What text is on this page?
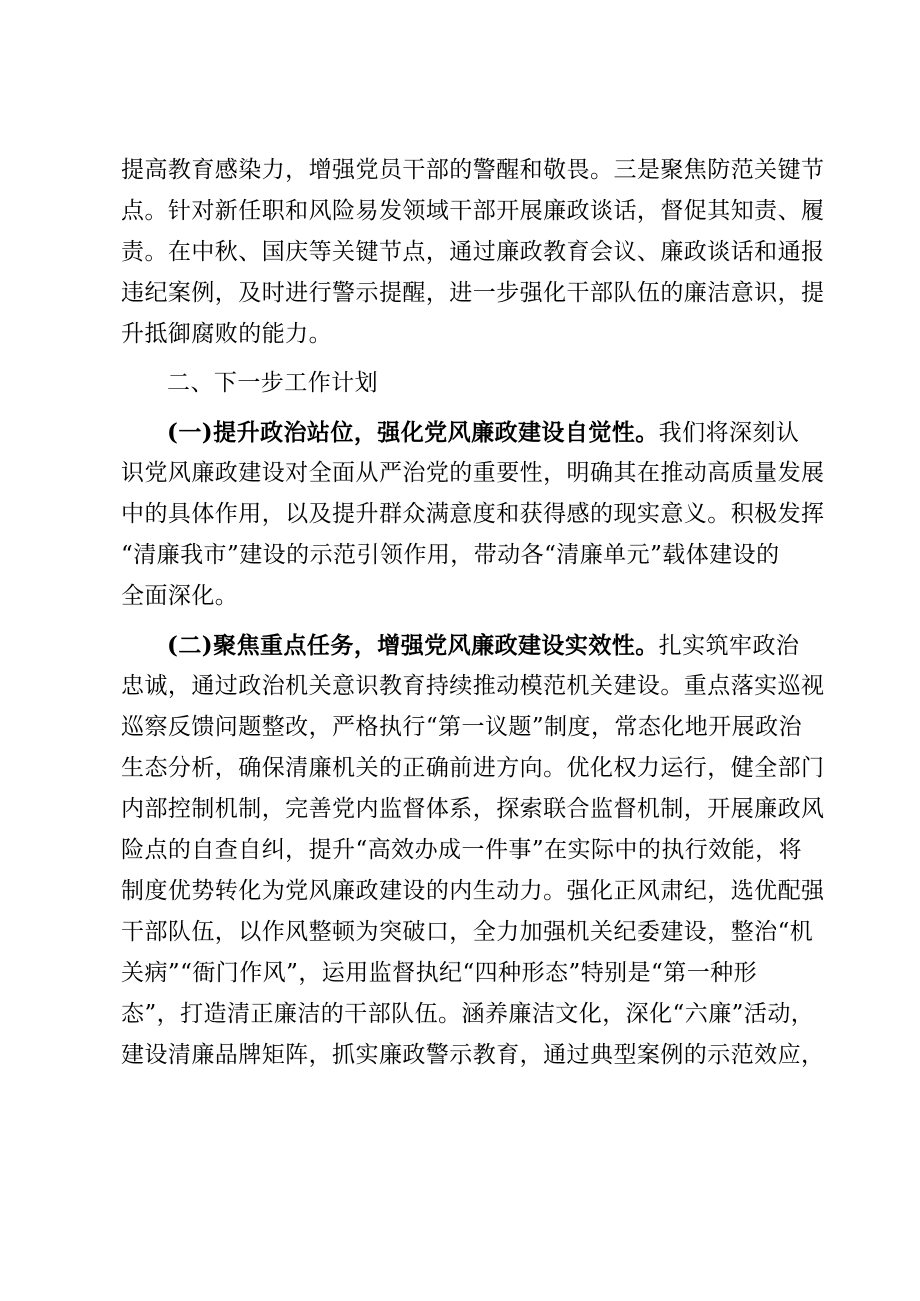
提高教育感染力，增强党员干部的警醒和敬畏。三是聚焦防范关键节
点。针对新任职和风险易发领域干部开展廉政谈话，督促其知责、履
责。在中秋、国庆等关键节点，通过廉政教育会议、廉政谈话和通报
违纪案例，及时进行警示提醒，进一步强化干部队伍的廉洁意识，提
升抵御腐败的能力。
二、下一步工作计划
(一)提升政治站位，强化党风廉政建设自觉性。我们将深刻认
识党风廉政建设对全面从严治党的重要性，明确其在推动高质量发展
中的具体作用，以及提升群众满意度和获得感的现实意义。积极发挥
“清廉我市”建设的示范引领作用，带动各“清廉单元”载体建设的
全面深化。
(二)聚焦重点任务，增强党风廉政建设实效性。扎实筑牢政治
忠诚，通过政治机关意识教育持续推动模范机关建设。重点落实巡视
巡察反馈问题整改，严格执行“第一议题”制度，常态化地开展政治
生态分析，确保清廉机关的正确前进方向。优化权力运行，健全部门
内部控制机制，完善党内监督体系，探索联合监督机制，开展廉政风
险点的自查自纠，提升“高效办成一件事”在实际中的执行效能，将
制度优势转化为党风廉政建设的内生动力。强化正风肃纪，选优配强
干部队伍，以作风整顿为突破口，全力加强机关纪委建设，整治“机
关病”“衙门作风”，运用监督执纪“四种形态”特别是“第一种形
态”，打造清正廉洁的干部队伍。涵养廉洁文化，深化“六廉”活动，
建设清廉品牌矩阵，抓实廉政警示教育，通过典型案例的示范效应，
